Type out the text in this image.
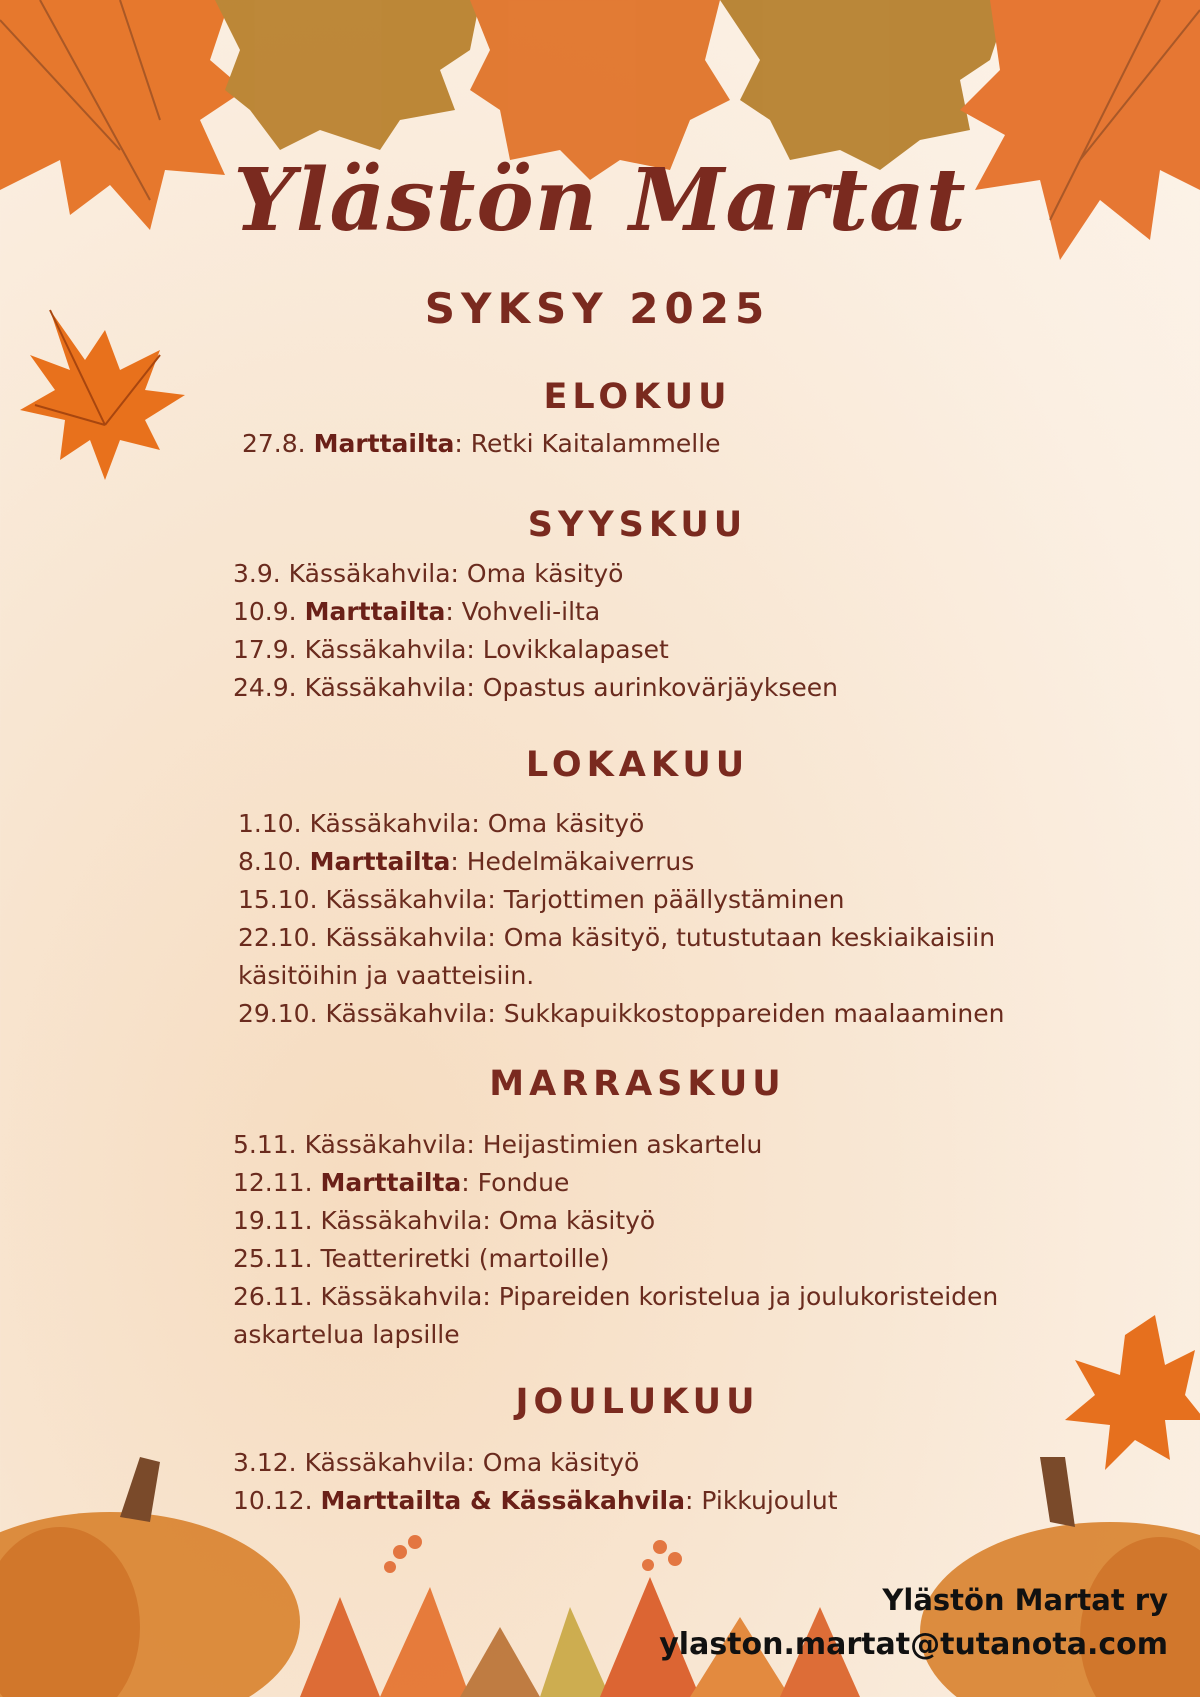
Ylästön Martat
SYKSY 2025
ELOKUU
27.8. Marttailta: Retki Kaitalammelle
SYYSKUU
3.9. Kässäkahvila: Oma käsityö
10.9. Marttailta: Vohveli-ilta
17.9. Kässäkahvila: Lovikkalapaset
24.9. Kässäkahvila: Opastus aurinkovärjäykseen
LOKAKUU
1.10. Kässäkahvila: Oma käsityö
8.10. Marttailta: Hedelmäkaiverrus
15.10. Kässäkahvila: Tarjottimen päällystäminen
22.10. Kässäkahvila: Oma käsityö, tutustutaan keskiaikaisiin
käsitöihin ja vaatteisiin.
29.10. Kässäkahvila: Sukkapuikkostoppareiden maalaaminen
MARRASKUU
5.11. Kässäkahvila: Heijastimien askartelu
12.11. Marttailta: Fondue
19.11. Kässäkahvila: Oma käsityö
25.11. Teatteriretki (martoille)
26.11. Kässäkahvila: Pipareiden koristelua ja joulukoristeiden
askartelua lapsille
JOULUKUU
3.12. Kässäkahvila: Oma käsityö
10.12. Marttailta & Kässäkahvila: Pikkujoulut
Ylästön Martat ry
ylaston.martat@tutanota.com
